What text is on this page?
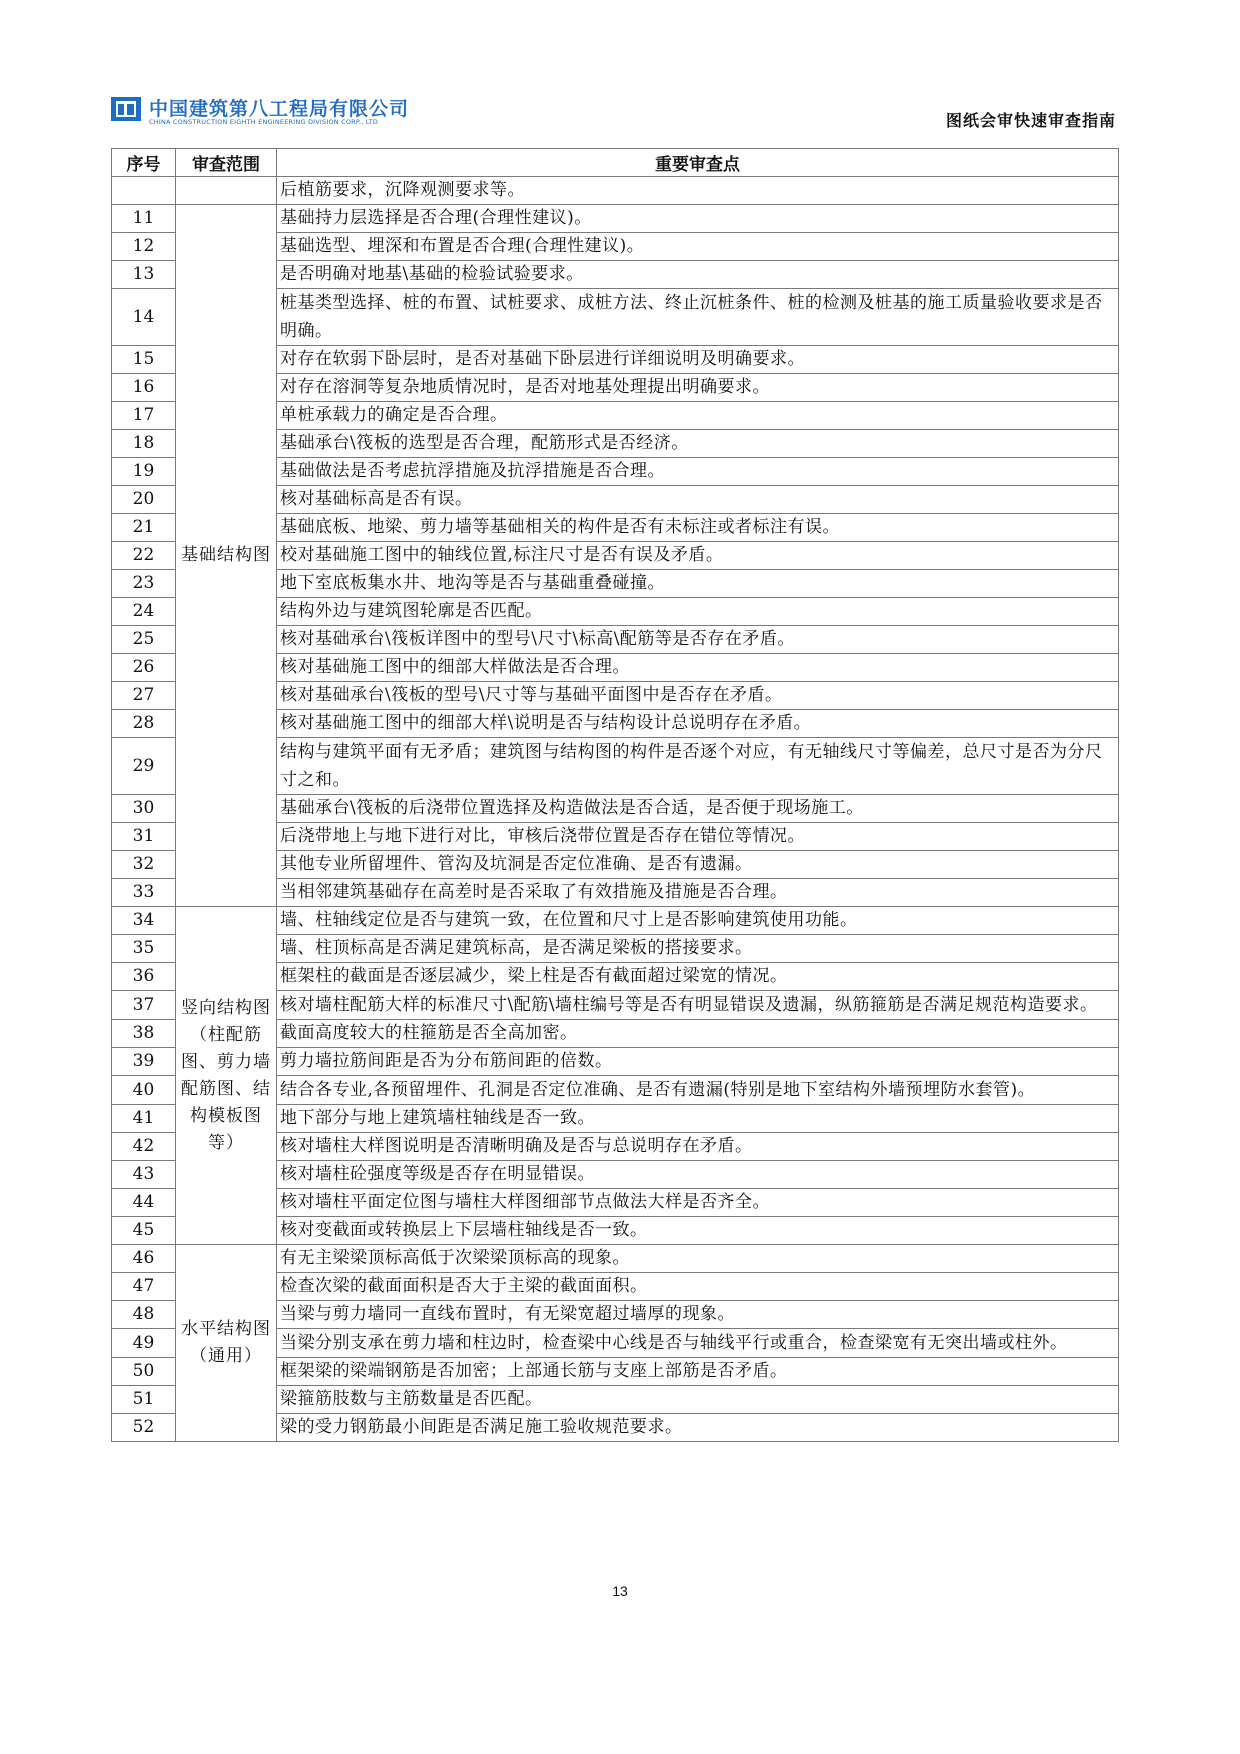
中国建筑第八工程局有限公司
CHINA CONSTRUCTION EIGHTH ENGINEERING DIVISION CORP., LTD	图纸会审快速审查指南
序号	审查范围	重要审查点
		后植筋要求，沉降观测要求等。
11	基础结构图	基础持力层选择是否合理(合理性建议)。
12		基础选型、埋深和布置是否合理(合理性建议)。
13		是否明确对地基\基础的检验试验要求。
14		桩基类型选择、桩的布置、试桩要求、成桩方法、终止沉桩条件、桩的检测及桩基的施工质量验收要求是否明确。
15		对存在软弱下卧层时，是否对基础下卧层进行详细说明及明确要求。
16		对存在溶洞等复杂地质情况时，是否对地基处理提出明确要求。
17		单桩承载力的确定是否合理。
18		基础承台\筏板的选型是否合理，配筋形式是否经济。
19		基础做法是否考虑抗浮措施及抗浮措施是否合理。
20		核对基础标高是否有误。
21		基础底板、地梁、剪力墙等基础相关的构件是否有未标注或者标注有误。
22		校对基础施工图中的轴线位置,标注尺寸是否有误及矛盾。
23		地下室底板集水井、地沟等是否与基础重叠碰撞。
24		结构外边与建筑图轮廓是否匹配。
25		核对基础承台\筏板详图中的型号\尺寸\标高\配筋等是否存在矛盾。
26		核对基础施工图中的细部大样做法是否合理。
27		核对基础承台\筏板的型号\尺寸等与基础平面图中是否存在矛盾。
28		核对基础施工图中的细部大样\说明是否与结构设计总说明存在矛盾。
29		结构与建筑平面有无矛盾；建筑图与结构图的构件是否逐个对应，有无轴线尺寸等偏差，总尺寸是否为分尺寸之和。
30		基础承台\筏板的后浇带位置选择及构造做法是否合适，是否便于现场施工。
31		后浇带地上与地下进行对比，审核后浇带位置是否存在错位等情况。
32		其他专业所留埋件、管沟及坑洞是否定位准确、是否有遗漏。
33		当相邻建筑基础存在高差时是否采取了有效措施及措施是否合理。
34	竖向结构图（柱配筋图、剪力墙配筋图、结构模板图等）	墙、柱轴线定位是否与建筑一致，在位置和尺寸上是否影响建筑使用功能。
35		墙、柱顶标高是否满足建筑标高，是否满足梁板的搭接要求。
36		框架柱的截面是否逐层减少，梁上柱是否有截面超过梁宽的情况。
37		核对墙柱配筋大样的标准尺寸\配筋\墙柱编号等是否有明显错误及遗漏，纵筋箍筋是否满足规范构造要求。
38		截面高度较大的柱箍筋是否全高加密。
39		剪力墙拉筋间距是否为分布筋间距的倍数。
40		结合各专业,各预留埋件、孔洞是否定位准确、是否有遗漏(特别是地下室结构外墙预埋防水套管)。
41		地下部分与地上建筑墙柱轴线是否一致。
42		核对墙柱大样图说明是否清晰明确及是否与总说明存在矛盾。
43		核对墙柱砼强度等级是否存在明显错误。
44		核对墙柱平面定位图与墙柱大样图细部节点做法大样是否齐全。
45		核对变截面或转换层上下层墙柱轴线是否一致。
46	水平结构图（通用）	有无主梁梁顶标高低于次梁梁顶标高的现象。
47		检查次梁的截面面积是否大于主梁的截面面积。
48		当梁与剪力墙同一直线布置时，有无梁宽超过墙厚的现象。
49		当梁分别支承在剪力墙和柱边时，检查梁中心线是否与轴线平行或重合，检查梁宽有无突出墙或柱外。
50		框架梁的梁端钢筋是否加密；上部通长筋与支座上部筋是否矛盾。
51		梁箍筋肢数与主筋数量是否匹配。
52		梁的受力钢筋最小间距是否满足施工验收规范要求。
13
